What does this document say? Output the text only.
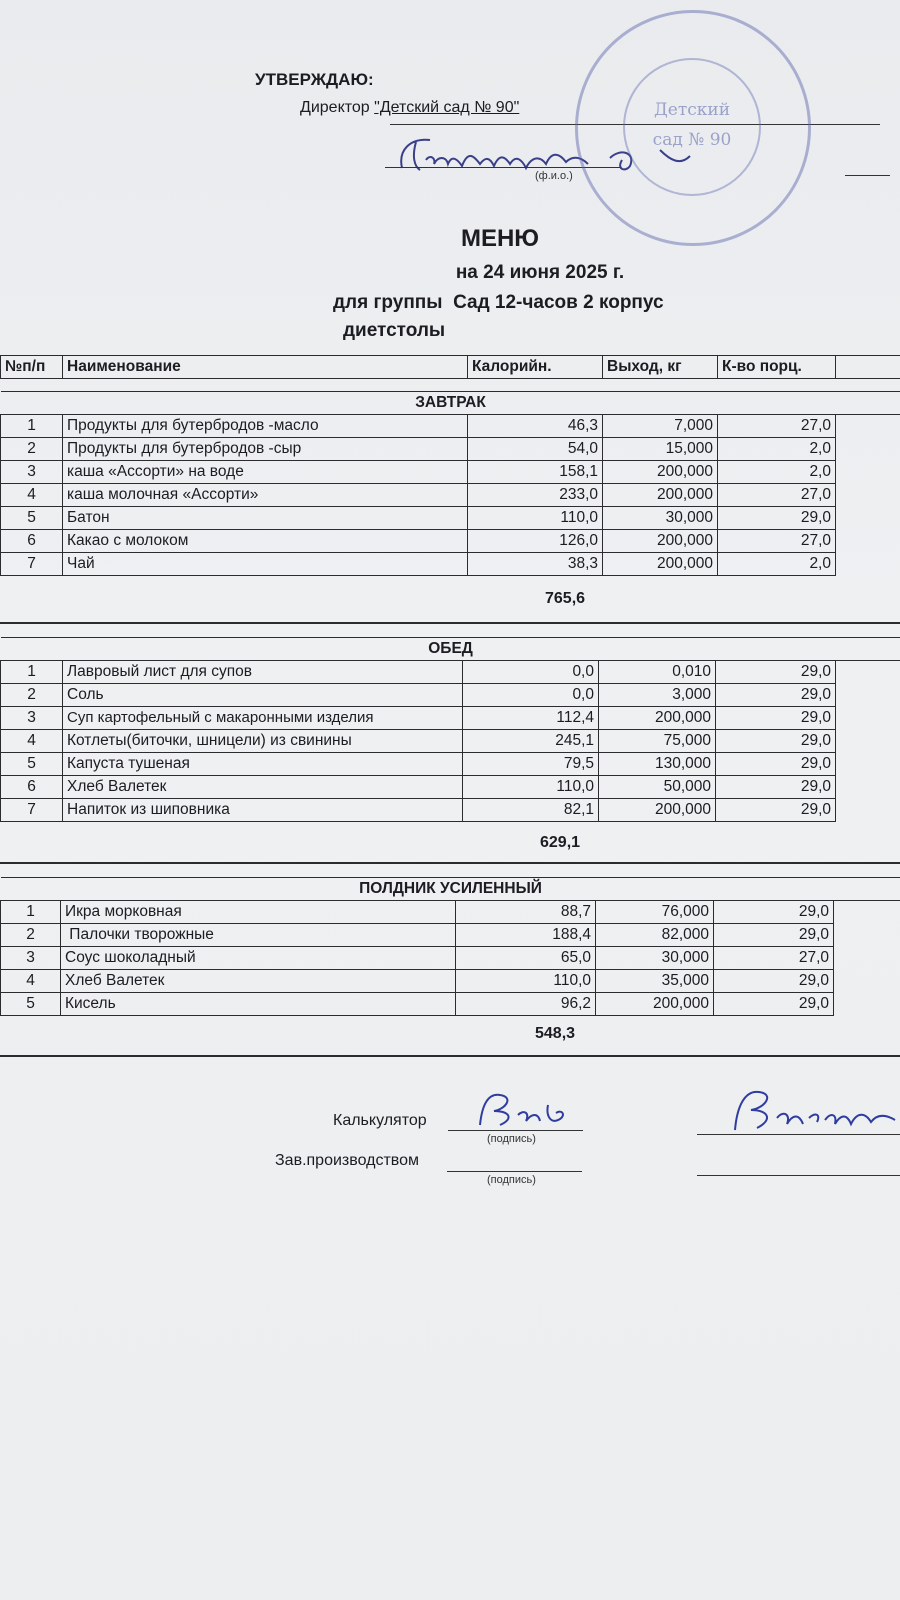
УТВЕРЖДАЮ:
Директор "Детский сад № 90"
(ф.и.о.)
Детский
сад № 90
МЕНЮ
на 24 июня 2025 г.
для группы  Сад 12-часов 2 корпус
диетстолы
№п/п	Наименование	Калорийн.	Выход, кг	К-во порц.	
ЗАВТРАК					
1	Продукты для бутербродов -масло	46,3	7,000	27,0	
2	Продукты для бутербродов -сыр	54,0	15,000	2,0	
3	каша «Ассорти» на воде	158,1	200,000	2,0	
4	каша молочная «Ассорти»	233,0	200,000	27,0	
5	Батон	110,0	30,000	29,0	
6	Какао с молоком	126,0	200,000	27,0	
7	Чай	38,3	200,000	2,0	
765,6
ОБЕД					
1	Лавровый лист для супов	0,0	0,010	29,0	
2	Соль	0,0	3,000	29,0	
3	Суп картофельный с макаронными изделия	112,4	200,000	29,0	
4	Котлеты(биточки, шницели) из свинины	245,1	75,000	29,0	
5	Капуста тушеная	79,5	130,000	29,0	
6	Хлеб Валетек	110,0	50,000	29,0	
7	Напиток из шиповника	82,1	200,000	29,0	
629,1
ПОЛДНИК УСИЛЕННЫЙ					
1	Икра морковная	88,7	76,000	29,0	
2	Палочки творожные	188,4	82,000	29,0	
3	Соус шоколадный	65,0	30,000	27,0	
4	Хлеб Валетек	110,0	35,000	29,0	
5	Кисель	96,2	200,000	29,0	
548,3
Калькулятор
(подпись)
Зав.производством
(подпись)
